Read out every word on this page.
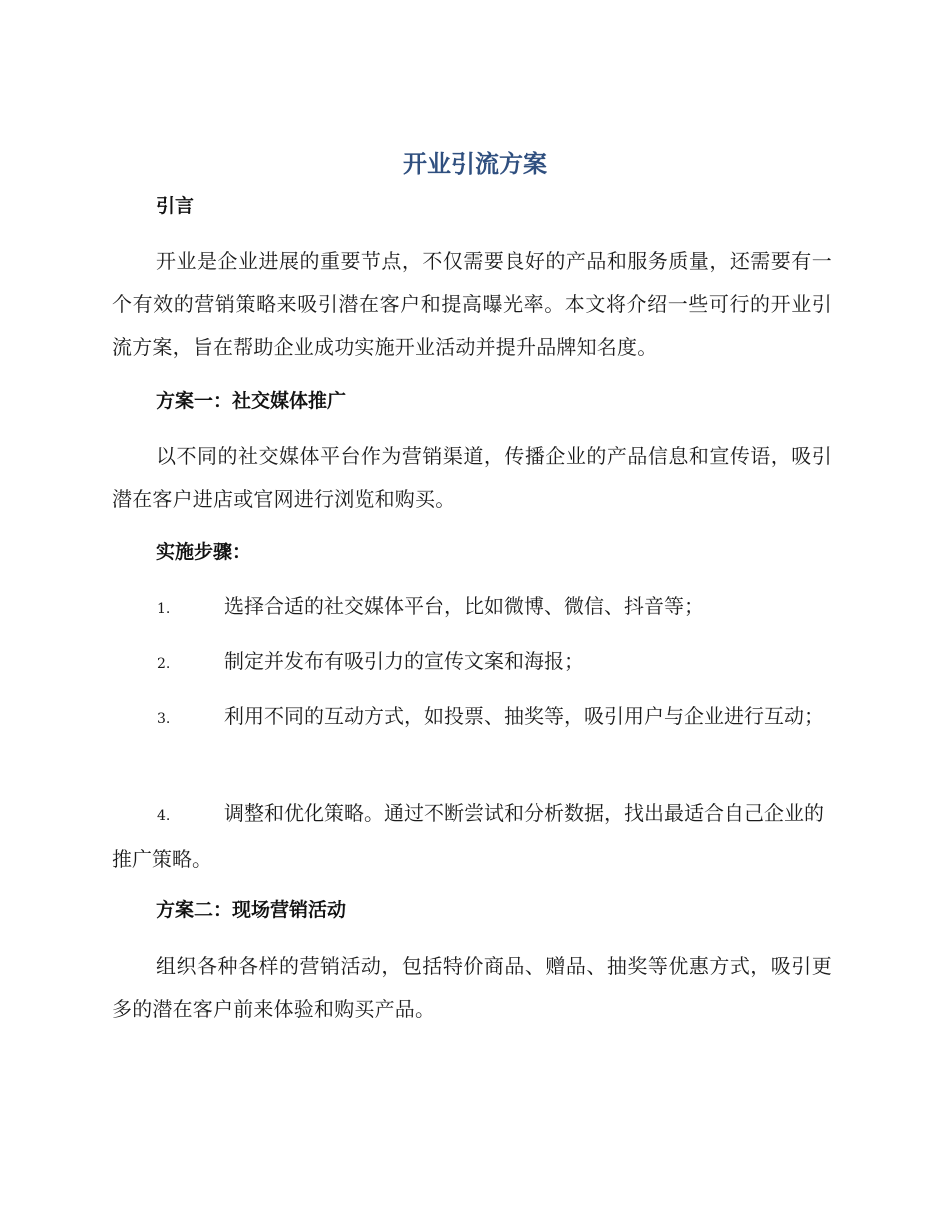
开业引流方案
引言
开业是企业进展的重要节点，不仅需要良好的产品和服务质量，还需要有一个有效的营销策略来吸引潜在客户和提高曝光率。本文将介绍一些可行的开业引流方案，旨在帮助企业成功实施开业活动并提升品牌知名度。
方案一：社交媒体推广
以不同的社交媒体平台作为营销渠道，传播企业的产品信息和宣传语，吸引潜在客户进店或官网进行浏览和购买。
实施步骤：
1.	选择合适的社交媒体平台，比如微博、微信、抖音等；
2.	制定并发布有吸引力的宣传文案和海报；
3.	利用不同的互动方式，如投票、抽奖等，吸引用户与企业进行互动；
4.	调整和优化策略。通过不断尝试和分析数据，找出最适合自己企业的推广策略。
方案二：现场营销活动
组织各种各样的营销活动，包括特价商品、赠品、抽奖等优惠方式，吸引更多的潜在客户前来体验和购买产品。
